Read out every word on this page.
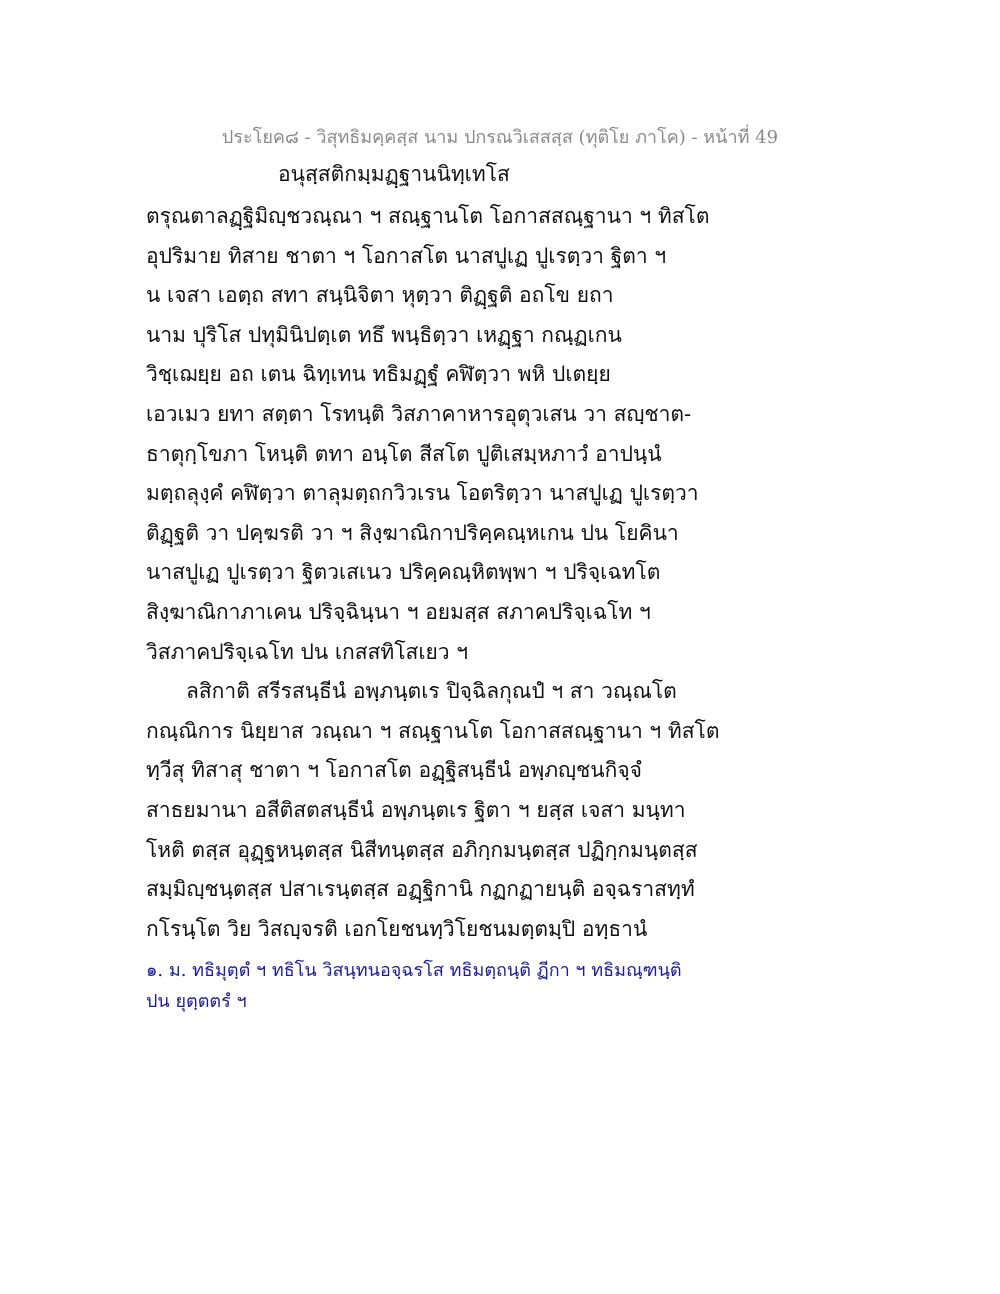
ประโยค๘ - วิสุทธิมคฺคสฺส นาม ปกรณวิเสสสฺส (ทุติโย ภาโค) - หน้าที่ 49
อนุสฺสติกมฺมฏฺฐานนิทฺเทโส
ตรุณตาลฏฺฐิมิญฺชวณฺณา ฯ สณฺฐานโต โอกาสสณฺฐานา ฯ ทิสโต
อุปริมาย ทิสาย ชาตา ฯ โอกาสโต นาสปูเฏ ปูเรตฺวา ฐิตา ฯ
น เจสา เอตฺถ สทา สนฺนิจิตา หุตฺวา ติฏฺฐติ อถโข ยถา
นาม ปุริโส ปทุมินิปตฺเต ทธึ พนฺธิตฺวา เหฏฺฐา กณฺฏเกน
วิชฺเฌยฺย อถ เตน ฉิทฺเทน ทธิมฏฺฐํ คฬิตฺวา พหิ ปเตยฺย
เอวเมว ยทา สตฺตา โรทนฺติ วิสภาคาหารอุตุวเสน วา สญฺชาต-
ธาตุกฺโขภา โหนฺติ ตทา อนฺโต สีสโต ปูติเสมฺหภาวํ อาปนฺนํ
มตฺถลุงฺคํ คฬิตฺวา ตาลุมตฺถกวิวเรน โอตริตฺวา นาสปูเฏ ปูเรตฺวา
ติฏฺฐติ วา ปคฺฆรติ วา ฯ สิงฺฆาณิกาปริคฺคณฺหเกน ปน โยคินา
นาสปูเฏ ปูเรตฺวา ฐิตวเสเนว ปริคฺคณฺหิตพฺพา ฯ ปริจฺเฉทโต
สิงฺฆาณิกาภาเคน ปริจฺฉินฺนา ฯ อยมสฺส สภาคปริจฺเฉโท ฯ
วิสภาคปริจฺเฉโท ปน เกสสทิโสเยว ฯ
ลสิกาติ สรีรสนฺธีนํ อพฺภนฺตเร ปิจฺฉิลกุณปํ ฯ สา วณฺณโต
กณฺณิการ นิยฺยาส วณฺณา ฯ สณฺฐานโต โอกาสสณฺฐานา ฯ ทิสโต
ทฺวีสุ ทิสาสุ ชาตา ฯ โอกาสโต อฏฺฐิสนฺธีนํ อพฺภญฺชนกิจฺจํ
สาธยมานา อสีติสตสนฺธีนํ อพฺภนฺตเร ฐิตา ฯ ยสฺส เจสา มนฺทา
โหติ ตสฺส อุฏฺฐหนฺตสฺส นิสีทนฺตสฺส อภิกฺกมนฺตสฺส ปฏิกฺกมนฺตสฺส
สมฺมิญฺชนฺตสฺส ปสาเรนฺตสฺส อฏฺฐิกานิ กฏกฏายนฺติ อจฺฉราสทฺทํ
กโรนฺโต วิย วิสญฺจรติ เอกโยชนทฺวิโยชนมตฺตมฺปิ อทฺธานํ
๑. ม. ทธิมุตฺตํ ฯ ทธิโน วิสนฺทนอจฺฉรโส ทธิมตฺถนฺติ ฏีกา ฯ ทธิมณฺฑนฺติ
ปน ยุตฺตตรํ ฯ
